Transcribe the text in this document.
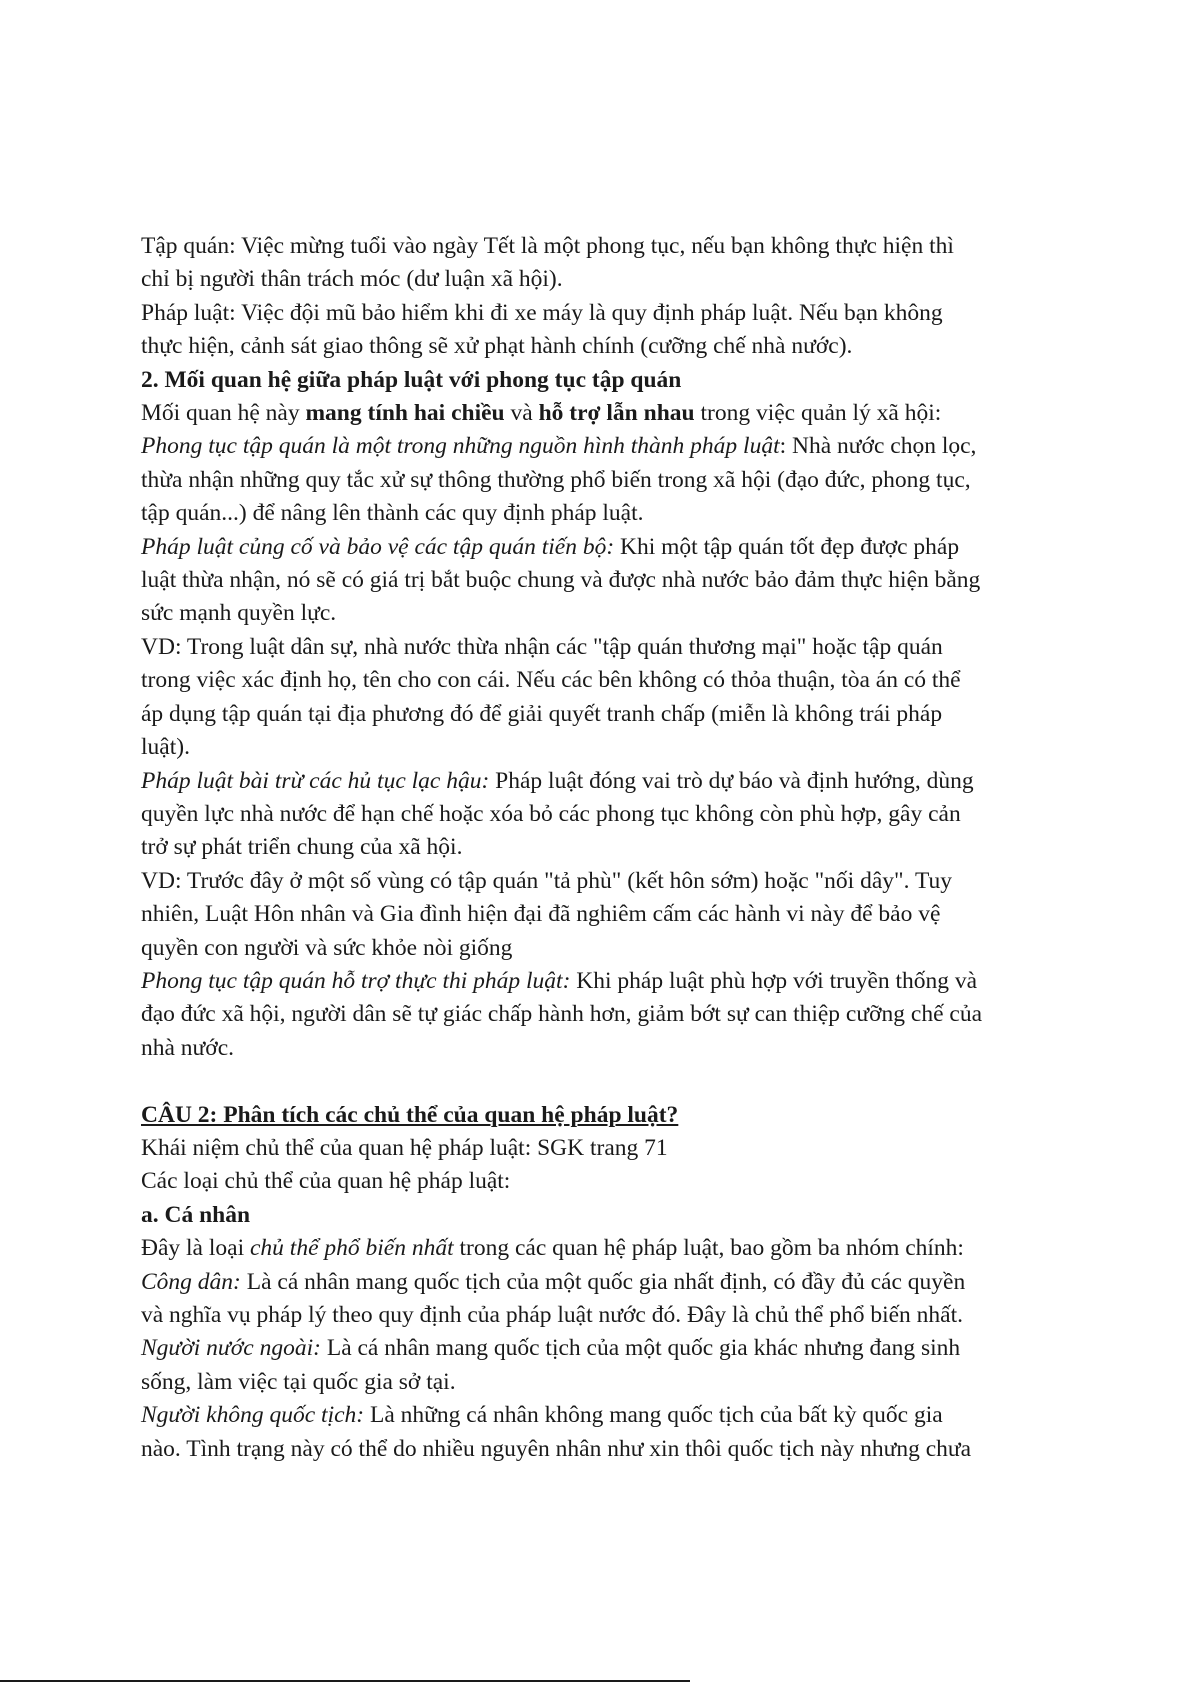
Tập quán: Việc mừng tuổi vào ngày Tết là một phong tục, nếu bạn không thực hiện thì
chỉ bị người thân trách móc (dư luận xã hội).

Pháp luật: Việc đội mũ bảo hiểm khi đi xe máy là quy định pháp luật. Nếu bạn không
thực hiện, cảnh sát giao thông sẽ xử phạt hành chính (cưỡng chế nhà nước).

2. Mối quan hệ giữa pháp luật với phong tục tập quán

Mối quan hệ này mang tính hai chiều và hỗ trợ lẫn nhau trong việc quản lý xã hội:

Phong tục tập quán là một trong những nguồn hình thành pháp luật: Nhà nước chọn lọc,
thừa nhận những quy tắc xử sự thông thường phổ biến trong xã hội (đạo đức, phong tục,
tập quán...) để nâng lên thành các quy định pháp luật.

Pháp luật củng cố và bảo vệ các tập quán tiến bộ: Khi một tập quán tốt đẹp được pháp
luật thừa nhận, nó sẽ có giá trị bắt buộc chung và được nhà nước bảo đảm thực hiện bằng
sức mạnh quyền lực.

VD: Trong luật dân sự, nhà nước thừa nhận các "tập quán thương mại" hoặc tập quán
trong việc xác định họ, tên cho con cái. Nếu các bên không có thỏa thuận, tòa án có thể
áp dụng tập quán tại địa phương đó để giải quyết tranh chấp (miễn là không trái pháp
luật).

Pháp luật bài trừ các hủ tục lạc hậu: Pháp luật đóng vai trò dự báo và định hướng, dùng
quyền lực nhà nước để hạn chế hoặc xóa bỏ các phong tục không còn phù hợp, gây cản
trở sự phát triển chung của xã hội.

VD: Trước đây ở một số vùng có tập quán "tả phù" (kết hôn sớm) hoặc "nối dây". Tuy
nhiên, Luật Hôn nhân và Gia đình hiện đại đã nghiêm cấm các hành vi này để bảo vệ
quyền con người và sức khỏe nòi giống

Phong tục tập quán hỗ trợ thực thi pháp luật: Khi pháp luật phù hợp với truyền thống và
đạo đức xã hội, người dân sẽ tự giác chấp hành hơn, giảm bớt sự can thiệp cưỡng chế của
nhà nước.

CÂU 2: Phân tích các chủ thể của quan hệ pháp luật?

Khái niệm chủ thể của quan hệ pháp luật: SGK trang 71

Các loại chủ thể của quan hệ pháp luật:

a. Cá nhân

Đây là loại chủ thể phổ biến nhất trong các quan hệ pháp luật, bao gồm ba nhóm chính:

Công dân: Là cá nhân mang quốc tịch của một quốc gia nhất định, có đầy đủ các quyền
và nghĩa vụ pháp lý theo quy định của pháp luật nước đó. Đây là chủ thể phổ biến nhất.

Người nước ngoài: Là cá nhân mang quốc tịch của một quốc gia khác nhưng đang sinh
sống, làm việc tại quốc gia sở tại.

Người không quốc tịch: Là những cá nhân không mang quốc tịch của bất kỳ quốc gia
nào. Tình trạng này có thể do nhiều nguyên nhân như xin thôi quốc tịch này nhưng chưa
